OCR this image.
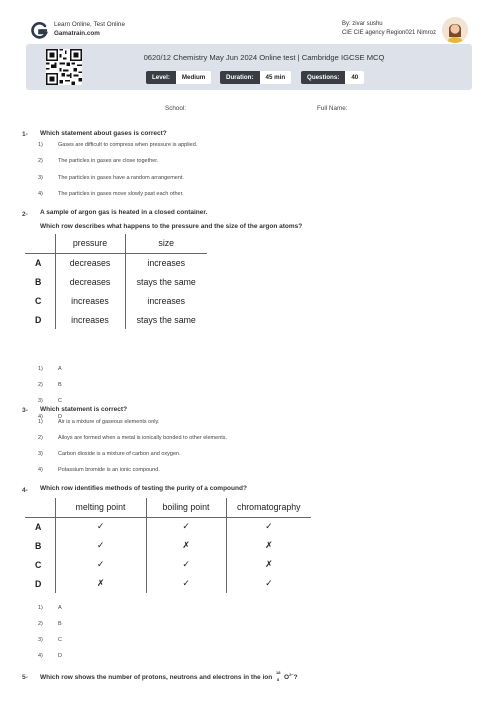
Learn Online, Test Online
Gamatrain.com
By: zivar sushu
CIE CIE agency Region021 Nimroz
0620/12 Chemistry May Jun 2024 Online test | Cambridge IGCSE MCQ
Level:	Medium	Duration:	45 min	Questions:	40
School:	Full Name:
1- Which statement about gases is correct?
1)	Gases are difficult to compress when pressure is applied.
2)	The particles in gases are close together.
3)	The particles in gases have a random arrangement.
4)	The particles in gases move slowly past each other.
2- A sample of argon gas is heated in a closed container.
Which row describes what happens to the pressure and the size of the argon atoms?
	pressure	size
A	decreases	increases
B	decreases	stays the same
C	increases	increases
D	increases	stays the same
1)	A
2)	B
3)	C
4)	D
3- Which statement is correct?
1)	Air is a mixture of gaseous elements only.
2)	Alloys are formed when a metal is ionically bonded to other elements.
3)	Carbon dioxide is a mixture of carbon and oxygen.
4)	Potassium bromide is an ionic compound.
4- Which row identifies methods of testing the purity of a compound?
	melting point	boiling point	chromatography
A	✓	✓	✓
B	✓	✗	✗
C	✓	✓	✗
D	✗	✓	✓
1)	A
2)	B
3)	C
4)	D
5- Which row shows the number of protons, neutrons and electrons in the ion
18
8 $O^{2-}$?
